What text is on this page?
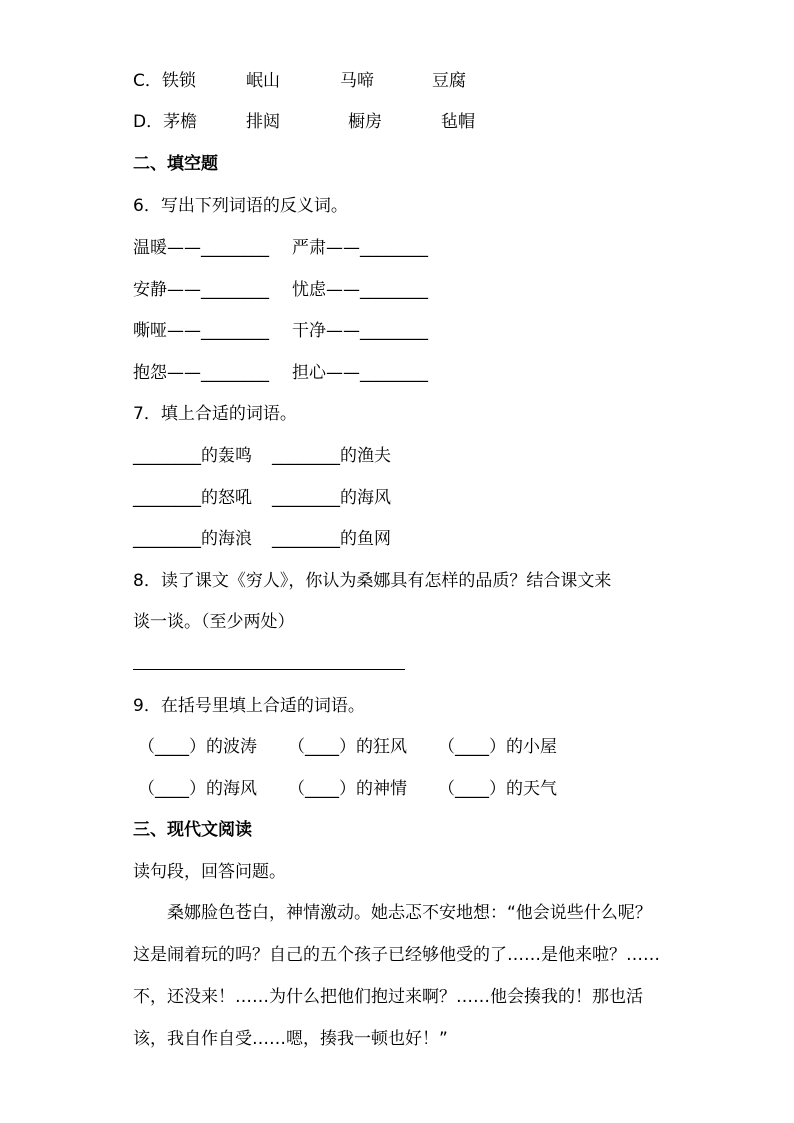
C．铁锁	岷山	马啼	豆腐
D．茅檐	排闼	橱房	毡帽
二、填空题
6．写出下列词语的反义词。
温暖——________ 严肃——________
安静——________ 忧虑——________
嘶哑——________ 干净——________
抱怨——________ 担心——________
7．填上合适的词语。
________的轰鸣 ________的渔夫
________的怒吼 ________的海风
________的海浪 ________的鱼网
8．读了课文《穷人》，你认为桑娜具有怎样的品质？结合课文来
谈一谈。（至少两处）
9．在括号里填上合适的词语。
（____）的波涛 （____）的狂风 （____）的小屋
（____）的海风 （____）的神情 （____）的天气
三、现代文阅读
读句段，回答问题。
桑娜脸色苍白，神情激动。她忐忑不安地想：“他会说些什么呢？这是闹着玩的吗？自己的五个孩子已经够他受的了……是他来啦？……不，还没来！……为什么把他们抱过来啊？……他会揍我的！那也活该，我自作自受……嗯，揍我一顿也好！”
